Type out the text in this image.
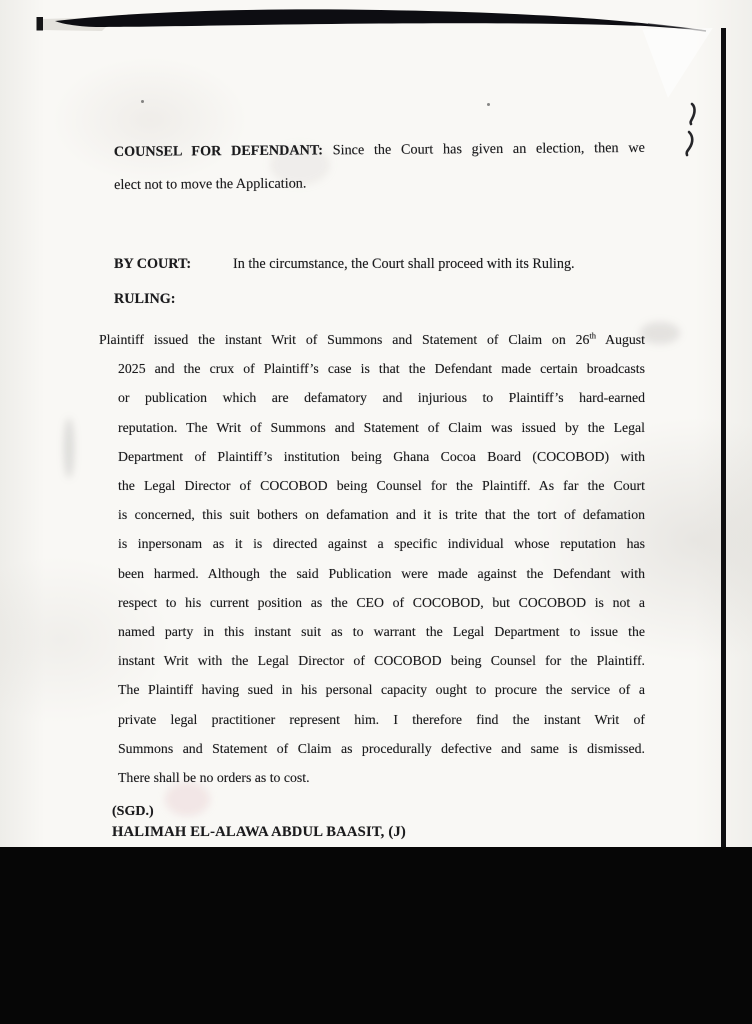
COUNSEL FOR DEFENDANT: Since the Court has given an election, then we
elect not to move the Application.
BY COURT:	In the circumstance, the Court shall proceed with its Ruling.
RULING:
Plaintiff issued the instant Writ of Summons and Statement of Claim on 26th August
2025 and the crux of Plaintiff’s case is that the Defendant made certain broadcasts
or publication which are defamatory and injurious to Plaintiff’s hard-earned
reputation. The Writ of Summons and Statement of Claim was issued by the Legal
Department of Plaintiff’s institution being Ghana Cocoa Board (COCOBOD) with
the Legal Director of COCOBOD being Counsel for the Plaintiff. As far the Court
is concerned, this suit bothers on defamation and it is trite that the tort of defamation
is inpersonam as it is directed against a specific individual whose reputation has
been harmed. Although the said Publication were made against the Defendant with
respect to his current position as the CEO of COCOBOD, but COCOBOD is not a
named party in this instant suit as to warrant the Legal Department to issue the
instant Writ with the Legal Director of COCOBOD being Counsel for the Plaintiff.
The Plaintiff having sued in his personal capacity ought to procure the service of a
private legal practitioner represent him. I therefore find the instant Writ of
Summons and Statement of Claim as procedurally defective and same is dismissed.
There shall be no orders as to cost.
(SGD.)
HALIMAH EL-ALAWA ABDUL BAASIT, (J)
